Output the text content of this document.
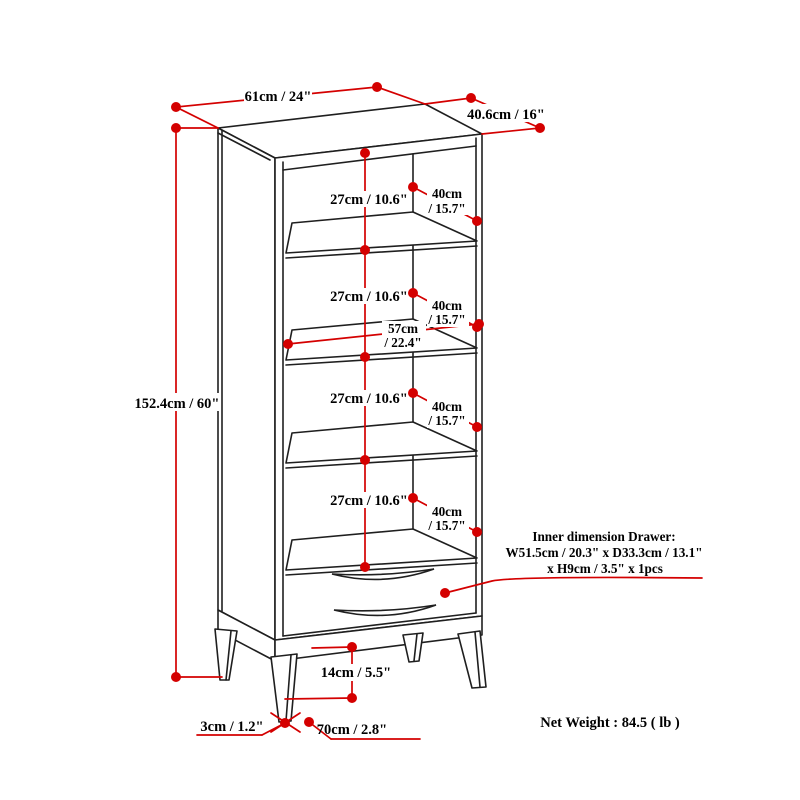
61cm / 24"
40.6cm / 16"
152.4cm / 60"
27cm / 10.6"
27cm / 10.6"
27cm / 10.6"
27cm / 10.6"
40cm
/ 15.7"
40cm
/ 15.7"
40cm
/ 15.7"
40cm
/ 15.7"
57cm
/ 22.4"
14cm / 5.5"
3cm / 1.2"	70cm / 2.8"
Inner dimension Drawer:
W51.5cm / 20.3" x D33.3cm / 13.1"
x H9cm / 3.5" x 1pcs
Net Weight : 84.5 ( lb )
